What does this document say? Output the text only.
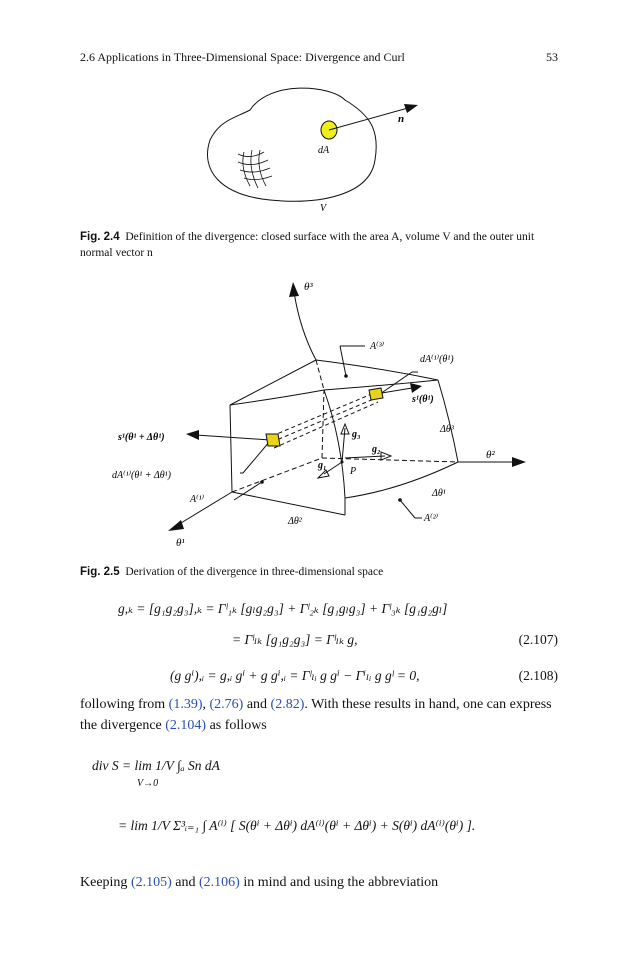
2.6 Applications in Three-Dimensional Space: Divergence and Curl	53
n
dA
V
Fig. 2.4 Definition of the divergence: closed surface with the area A, volume V and the outer unit normal vector n
θ³
A⁽³⁾
dA⁽¹⁾(θ¹)
s¹(θ¹)
Δθ³
θ²
g₃
g₂
g₁
P
s¹(θ¹ + Δθ¹)
dA⁽¹⁾(θ¹ + Δθ¹)
A⁽¹⁾
Δθ¹
A⁽²⁾
Δθ²
θ¹
Fig. 2.5 Derivation of the divergence in three-dimensional space
g,ₖ = [g₁g₂g₃],ₖ = Γˡ₁ₖ [gₗg₂g₃] + Γˡ₂ₖ [g₁gₗg₃] + Γˡ₃ₖ [g₁g₂gₗ]
= Γˡₗₖ [g₁g₂g₃] = Γˡₗₖ g,	(2.107)
(g gⁱ),ᵢ = g,ᵢ gⁱ + g gⁱ,ᵢ = Γˡₗᵢ g gⁱ − Γⁱₗᵢ g gˡ = 0,	(2.108)
following from (1.39), (2.76) and (2.82). With these results in hand, one can express the divergence (2.104) as follows
div S = lim 1/V ∫ₐ Sn dA
V→0
= lim 1/V Σ³ᵢ₌₁ ∫ A⁽ⁱ⁾ [ S(θⁱ + Δθⁱ) dA⁽ⁱ⁾(θⁱ + Δθⁱ) + S(θⁱ) dA⁽ⁱ⁾(θⁱ) ].
Keeping (2.105) and (2.106) in mind and using the abbreviation
